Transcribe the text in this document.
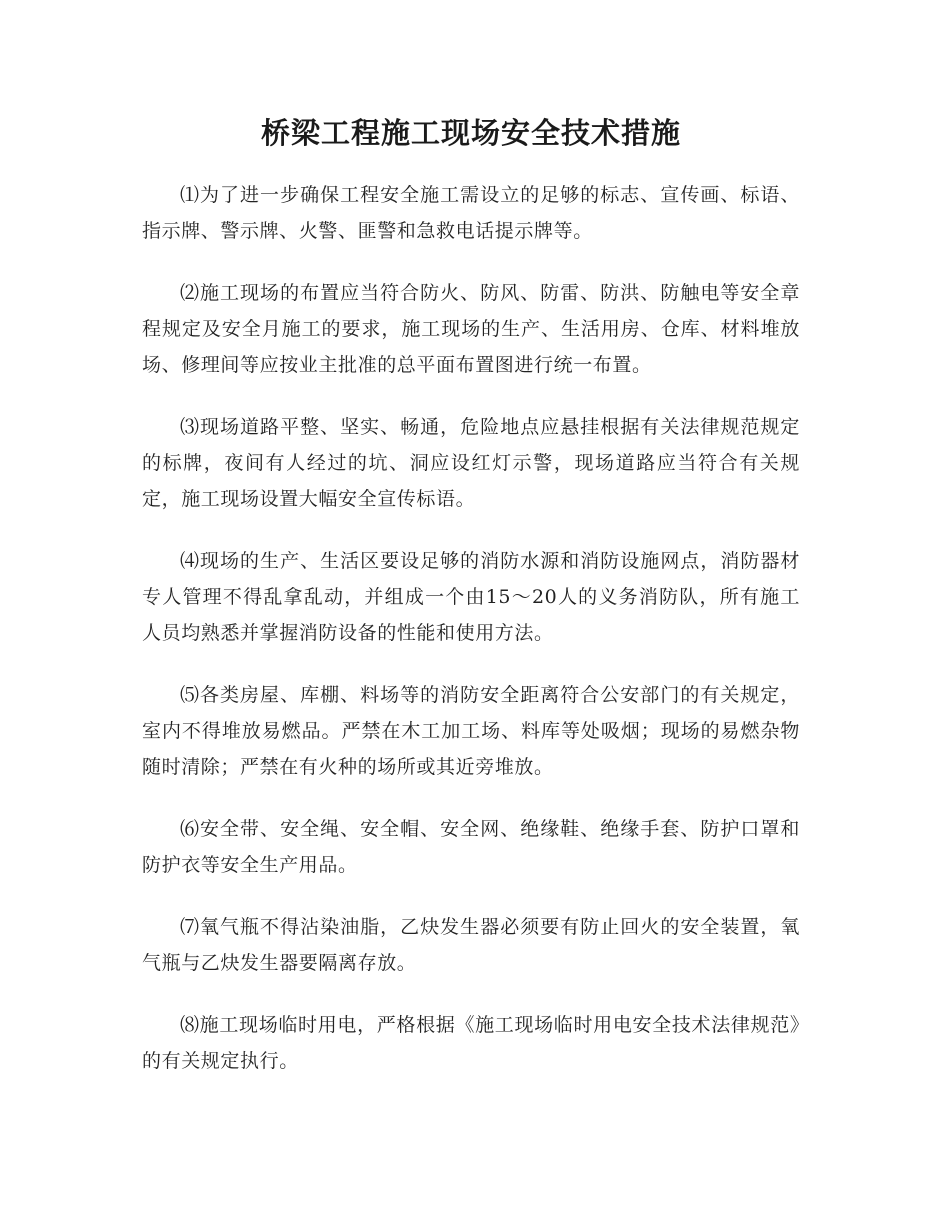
桥梁工程施工现场安全技术措施

⑴为了进一步确保工程安全施工需设立的足够的标志、宣传画、标语、指示牌、警示牌、火警、匪警和急救电话提示牌等。

⑵施工现场的布置应当符合防火、防风、防雷、防洪、防触电等安全章程规定及安全月施工的要求，施工现场的生产、生活用房、仓库、材料堆放场、修理间等应按业主批准的总平面布置图进行统一布置。

⑶现场道路平整、坚实、畅通，危险地点应悬挂根据有关法律规范规定的标牌，夜间有人经过的坑、洞应设红灯示警，现场道路应当符合有关规定，施工现场设置大幅安全宣传标语。

⑷现场的生产、生活区要设足够的消防水源和消防设施网点，消防器材专人管理不得乱拿乱动，并组成一个由15～20人的义务消防队，所有施工人员均熟悉并掌握消防设备的性能和使用方法。

⑸各类房屋、库棚、料场等的消防安全距离符合公安部门的有关规定，室内不得堆放易燃品。严禁在木工加工场、料库等处吸烟；现场的易燃杂物随时清除；严禁在有火种的场所或其近旁堆放。

⑹安全带、安全绳、安全帽、安全网、绝缘鞋、绝缘手套、防护口罩和防护衣等安全生产用品。

⑺氧气瓶不得沾染油脂，乙炔发生器必须要有防止回火的安全装置，氧气瓶与乙炔发生器要隔离存放。

⑻施工现场临时用电，严格根据《施工现场临时用电安全技术法律规范》的有关规定执行。
